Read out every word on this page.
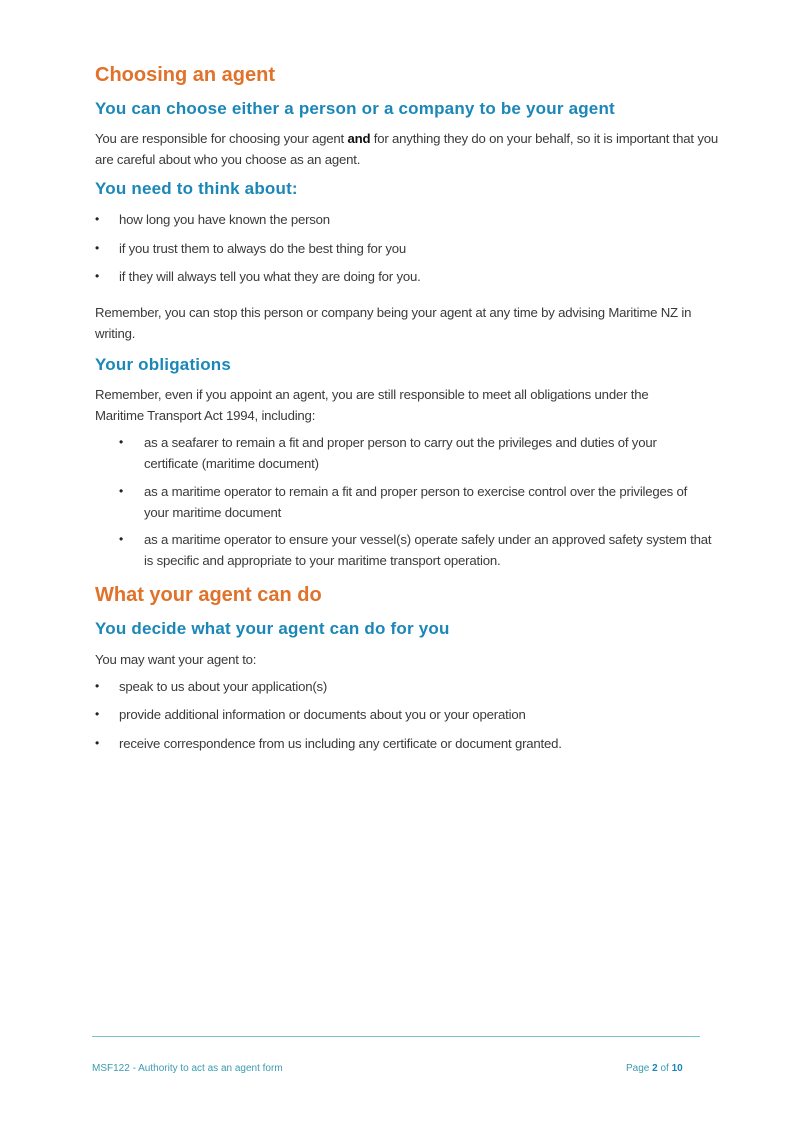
Choosing an agent
You can choose either a person or a company to be your agent

You are responsible for choosing your agent and for anything they do on your behalf, so it is important that you are careful about who you choose as an agent.

You need to think about:
• how long you have known the person
• if you trust them to always do the best thing for you
• if they will always tell you what they are doing for you.

Remember, you can stop this person or company being your agent at any time by advising Maritime NZ in writing.

Your obligations

Remember, even if you appoint an agent, you are still responsible to meet all obligations under the Maritime Transport Act 1994, including:

• as a seafarer to remain a fit and proper person to carry out the privileges and duties of your certificate (maritime document)
• as a maritime operator to remain a fit and proper person to exercise control over the privileges of your maritime document
• as a maritime operator to ensure your vessel(s) operate safely under an approved safety system that is specific and appropriate to your maritime transport operation.
What your agent can do
You decide what your agent can do for you

You may want your agent to:

• speak to us about your application(s)
• provide additional information or documents about you or your operation
• receive correspondence from us including any certificate or document granted.
MSF122 - Authority to act as an agent form	Page 2 of 10
